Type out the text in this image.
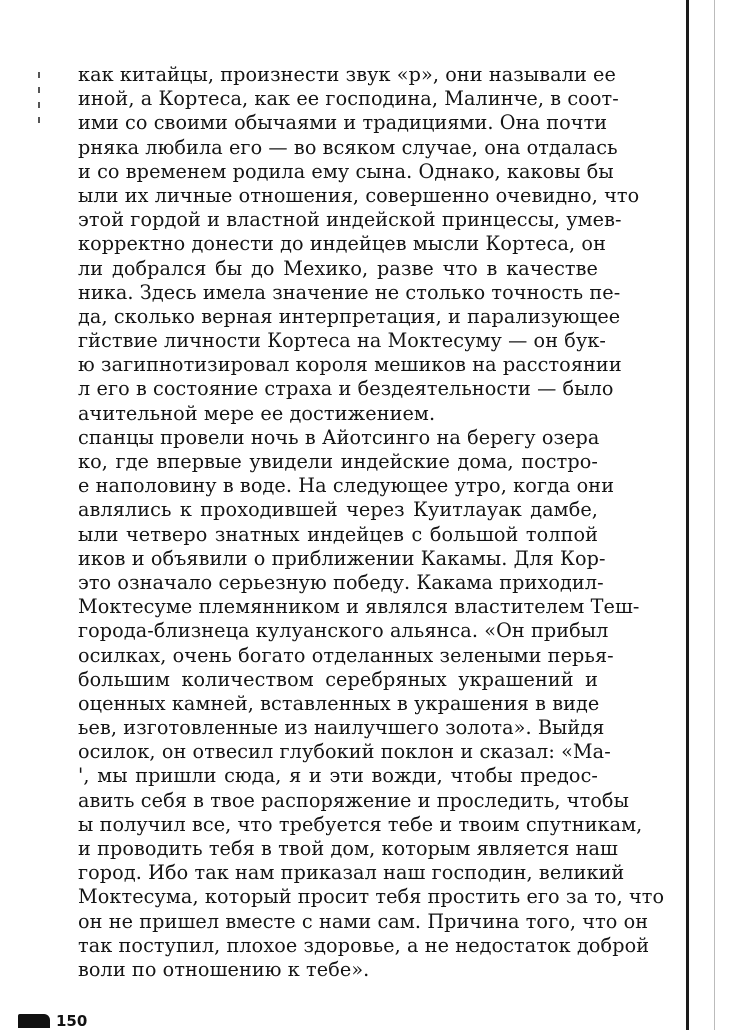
как китайцы, произнести звук «р», они называли ее
иной, а Кортеса, как ее господина, Малинче, в соот-
ими со своими обычаями и традициями. Она почти
рняка любила его — во всяком случае, она отдалась
и со временем родила ему сына. Однако, каковы бы
ыли их личные отношения, совершенно очевидно, что
этой гордой и властной индейской принцессы, умев-
корректно донести до индейцев мысли Кортеса, он
ли добрался бы до Мехико, разве что в качестве
ника. Здесь имела значение не столько точность пе-
да, сколько верная интерпретация, и парализующее
гйствие личности Кортеса на Моктесуму — он бук-
ю загипнотизировал короля мешиков на расстоянии
л его в состояние страха и бездеятельности — было
ачительной мере ее достижением.
спанцы провели ночь в Айотсинго на берегу озера
ко, где впервые увидели индейские дома, постро-
е наполовину в воде. На следующее утро, когда они
авлялись к проходившей через Куитлауак дамбе,
ыли четверо знатных индейцев с большой толпой
иков и объявили о приближении Какамы. Для Кор-
это означало серьезную победу. Какама приходил-
Моктесуме племянником и являлся властителем Теш-
города-близнеца кулуанского альянса. «Он прибыл
осилках, очень богато отделанных зелеными перья-
большим количеством серебряных украшений и
оценных камней, вставленных в украшения в виде
ьев, изготовленные из наилучшего золота». Выйдя
осилок, он отвесил глубокий поклон и сказал: «Ма-
', мы пришли сюда, я и эти вожди, чтобы предос-
авить себя в твое распоряжение и проследить, чтобы
ы получил все, что требуется тебе и твоим спутникам,
и проводить тебя в твой дом, которым является наш
город. Ибо так нам приказал наш господин, великий
Моктесума, который просит тебя простить его за то, что
он не пришел вместе с нами сам. Причина того, что он
так поступил, плохое здоровье, а не недостаток доброй
воли по отношению к тебе».
150
